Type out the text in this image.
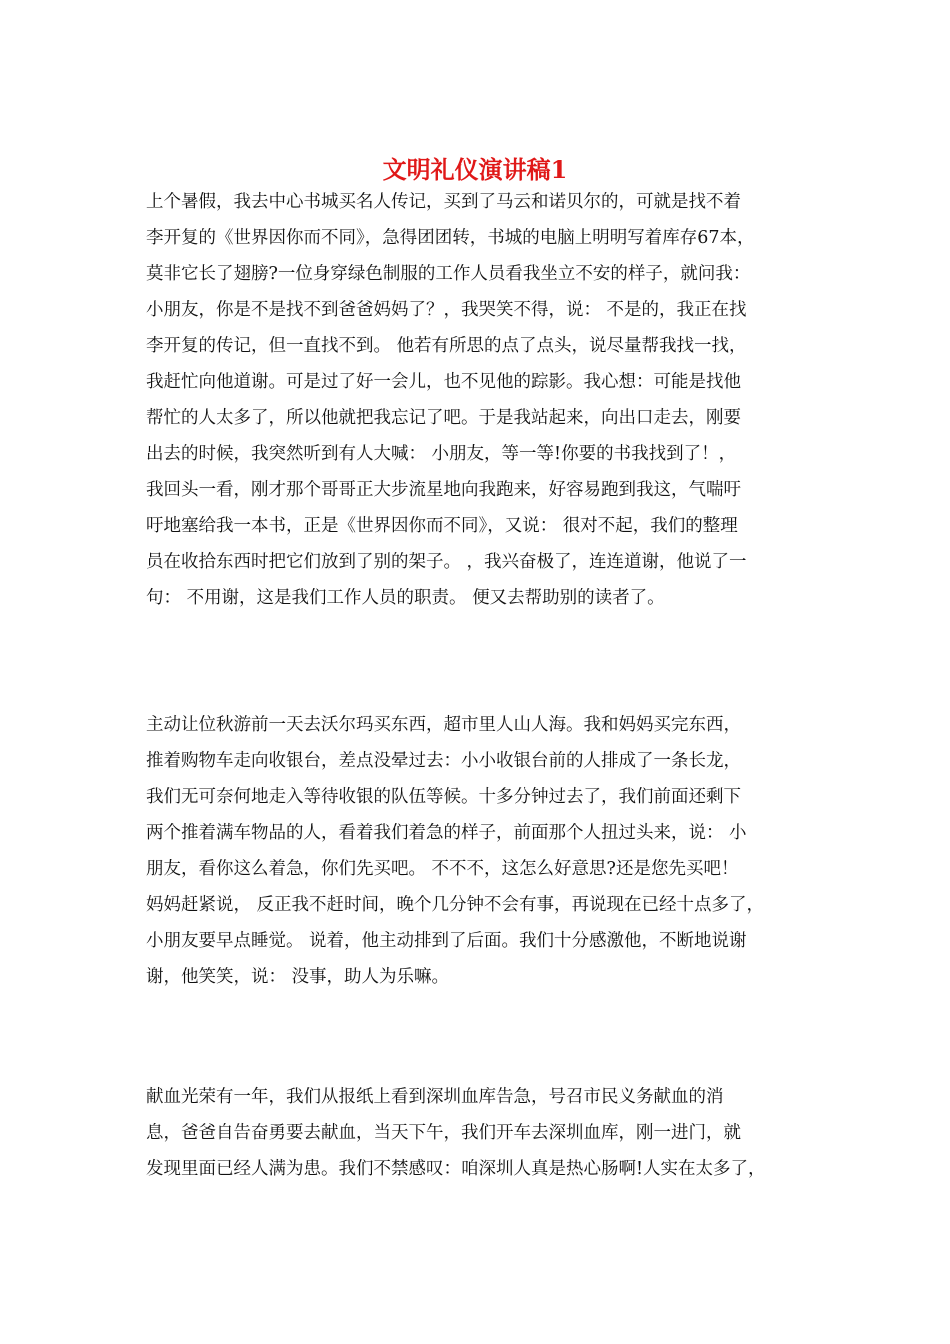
文明礼仪演讲稿1
上个暑假，我去中心书城买名人传记，买到了马云和诺贝尔的，可就是找不着
李开复的《世界因你而不同》，急得团团转，书城的电脑上明明写着库存67本，
莫非它长了翅膀?一位身穿绿色制服的工作人员看我坐立不安的样子，就问我：
小朋友，你是不是找不到爸爸妈妈了？，我哭笑不得，说： 不是的，我正在找
李开复的传记，但一直找不到。 他若有所思的点了点头，说尽量帮我找一找，
我赶忙向他道谢。可是过了好一会儿，也不见他的踪影。我心想：可能是找他
帮忙的人太多了，所以他就把我忘记了吧。于是我站起来，向出口走去，刚要
出去的时候，我突然听到有人大喊： 小朋友，等一等!你要的书我找到了！，
我回头一看，刚才那个哥哥正大步流星地向我跑来，好容易跑到我这，气喘吁
吁地塞给我一本书，正是《世界因你而不同》，又说： 很对不起，我们的整理
员在收拾东西时把它们放到了别的架子。 ，我兴奋极了，连连道谢，他说了一
句： 不用谢，这是我们工作人员的职责。 便又去帮助别的读者了。
主动让位秋游前一天去沃尔玛买东西，超市里人山人海。我和妈妈买完东西，
推着购物车走向收银台，差点没晕过去：小小收银台前的人排成了一条长龙，
我们无可奈何地走入等待收银的队伍等候。十多分钟过去了，我们前面还剩下
两个推着满车物品的人，看着我们着急的样子，前面那个人扭过头来，说： 小
朋友，看你这么着急，你们先买吧。 不不不，这怎么好意思?还是您先买吧！
妈妈赶紧说， 反正我不赶时间，晚个几分钟不会有事，再说现在已经十点多了，
小朋友要早点睡觉。 说着，他主动排到了后面。我们十分感激他，不断地说谢
谢，他笑笑，说： 没事，助人为乐嘛。
献血光荣有一年，我们从报纸上看到深圳血库告急，号召市民义务献血的消
息，爸爸自告奋勇要去献血，当天下午，我们开车去深圳血库，刚一进门，就
发现里面已经人满为患。我们不禁感叹：咱深圳人真是热心肠啊!人实在太多了，
